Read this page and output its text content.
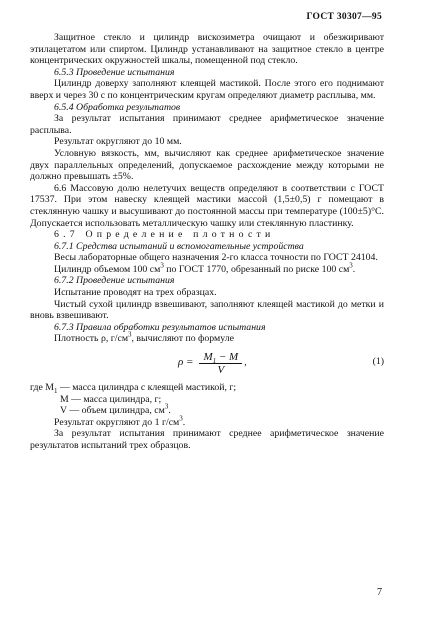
ГОСТ 30307—95

Защитное стекло и цилиндр вискозиметра очищают и обезжиривают этилацетатом или спиртом. Цилиндр устанавливают на защитное стекло в центре концентрических окружностей шкалы, помещенной под стекло.

6.5.3 Проведение испытания

Цилиндр доверху заполняют клеящей мастикой. После этого его поднимают вверх и через 30 с по концентрическим кругам определяют диаметр расплыва, мм.

6.5.4 Обработка результатов

За результат испытания принимают среднее арифметическое значение расплыва.

Результат округляют до 10 мм.

Условную вязкость, мм, вычисляют как среднее арифметическое значение двух параллельных определений, допускаемое расхождение между которыми не должно превышать ±5%.

6.6 Массовую долю нелетучих веществ определяют в соответствии с ГОСТ 17537. При этом навеску клеящей мастики массой (1,5±0,5) г помещают в стеклянную чашку и высушивают до постоянной массы при температуре (100±5)°С. Допускается использовать металлическую чашку или стеклянную пластинку.

6.7 Определение плотности

6.7.1 Средства испытаний и вспомогательные устройства

Весы лабораторные общего назначения 2-го класса точности по ГОСТ 24104.

Цилиндр объемом 100 $см^3$ по ГОСТ 1770, обрезанный по риске 100 $см^3$.

6.7.2 Проведение испытания

Испытание проводят на трех образцах.

Чистый сухой цилиндр взвешивают, заполняют клеящей мастикой до метки и вновь взвешивают.

6.7.3 Правила обработки результатов испытания

Плотность ρ, $г/см^3$, вычисляют по формуле

$\rho = \frac{M_1 - M}{V}$ ,	(1)
где $M_1$ — масса цилиндра с клеящей мастикой, г;
M — масса цилиндра, г;
V — объем цилиндра, $см^3$.

Результат округляют до 1 $г/см^3$.

За результат испытания принимают среднее арифметическое значение результатов испытаний трех образцов.

7
